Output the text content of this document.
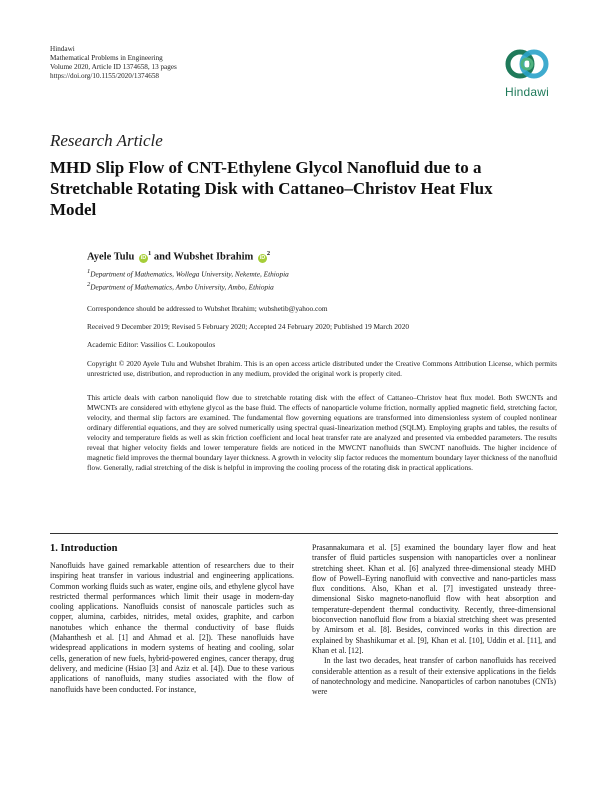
Hindawi
Mathematical Problems in Engineering
Volume 2020, Article ID 1374658, 13 pages
https://doi.org/10.1155/2020/1374658
Hindawi
Research Article
MHD Slip Flow of CNT-Ethylene Glycol Nanofluid due to a Stretchable Rotating Disk with Cattaneo–Christov Heat Flux Model
Ayele Tulu $iD^1$ and Wubshet Ibrahim $iD^2$
$^1$Department of Mathematics, Wollega University, Nekemte, Ethiopia
$^2$Department of Mathematics, Ambo University, Ambo, Ethiopia
Correspondence should be addressed to Wubshet Ibrahim; wubshetib@yahoo.com
Received 9 December 2019; Revised 5 February 2020; Accepted 24 February 2020; Published 19 March 2020
Academic Editor: Vassilios C. Loukopoulos
Copyright © 2020 Ayele Tulu and Wubshet Ibrahim. This is an open access article distributed under the Creative Commons Attribution License, which permits unrestricted use, distribution, and reproduction in any medium, provided the original work is properly cited.
This article deals with carbon nanoliquid flow due to stretchable rotating disk with the effect of Cattaneo–Christov heat flux model. Both SWCNTs and MWCNTs are considered with ethylene glycol as the base fluid. The effects of nanoparticle volume friction, normally applied magnetic field, stretching factor, velocity, and thermal slip factors are examined. The fundamental flow governing equations are transformed into dimensionless system of coupled nonlinear ordinary differential equations, and they are solved numerically using spectral quasi-linearization method (SQLM). Employing graphs and tables, the results of velocity and temperature fields as well as skin friction coefficient and local heat transfer rate are analyzed and presented via embedded parameters. The results reveal that higher velocity fields and lower temperature fields are noticed in the MWCNT nanofluids than SWCNT nanofluids. The higher incidence of magnetic field improves the thermal boundary layer thickness. A growth in velocity slip factor reduces the momentum boundary layer thickness of the nanofluid flow. Generally, radial stretching of the disk is helpful in improving the cooling process of the rotating disk in practical applications.
1. Introduction

Nanofluids have gained remarkable attention of researchers due to their inspiring heat transfer in various industrial and engineering applications. Common working fluids such as water, engine oils, and ethylene glycol have restricted thermal performances which limit their usage in modern-day cooling applications. Nanofluids consist of nanoscale particles such as copper, alumina, carbides, nitrides, metal oxides, graphite, and carbon nanotubes which enhance the thermal conductivity of base fluids (Mahanthesh et al. [1] and Ahmad et al. [2]). These nanofluids have widespread applications in modern systems of heating and cooling, solar cells, generation of new fuels, hybrid-powered engines, cancer therapy, drug delivery, and medicine (Hsiao [3] and Aziz et al. [4]). Due to these various applications of nanofluids, many studies associated with the flow of nanofluids have been conducted. For instance,

Prasannakumara et al. [5] examined the boundary layer flow and heat transfer of fluid particles suspension with nanoparticles over a nonlinear stretching sheet. Khan et al. [6] analyzed three-dimensional steady MHD flow of Powell–Eyring nanofluid with convective and nano-particles mass flux conditions. Also, Khan et al. [7] investigated unsteady three-dimensional Sisko magneto-nanofluid flow with heat absorption and temperature-dependent thermal conductivity. Recently, three-dimensional bioconvection nanofluid flow from a biaxial stretching sheet was presented by Amirsom et al. [8]. Besides, convinced works in this direction are explained by Shashikumar et al. [9], Khan et al. [10], Uddin et al. [11], and Khan et al. [12].

In the last two decades, heat transfer of carbon nanofluids has received considerable attention as a result of their extensive applications in the fields of nanotechnology and medicine. Nanoparticles of carbon nanotubes (CNTs) were
